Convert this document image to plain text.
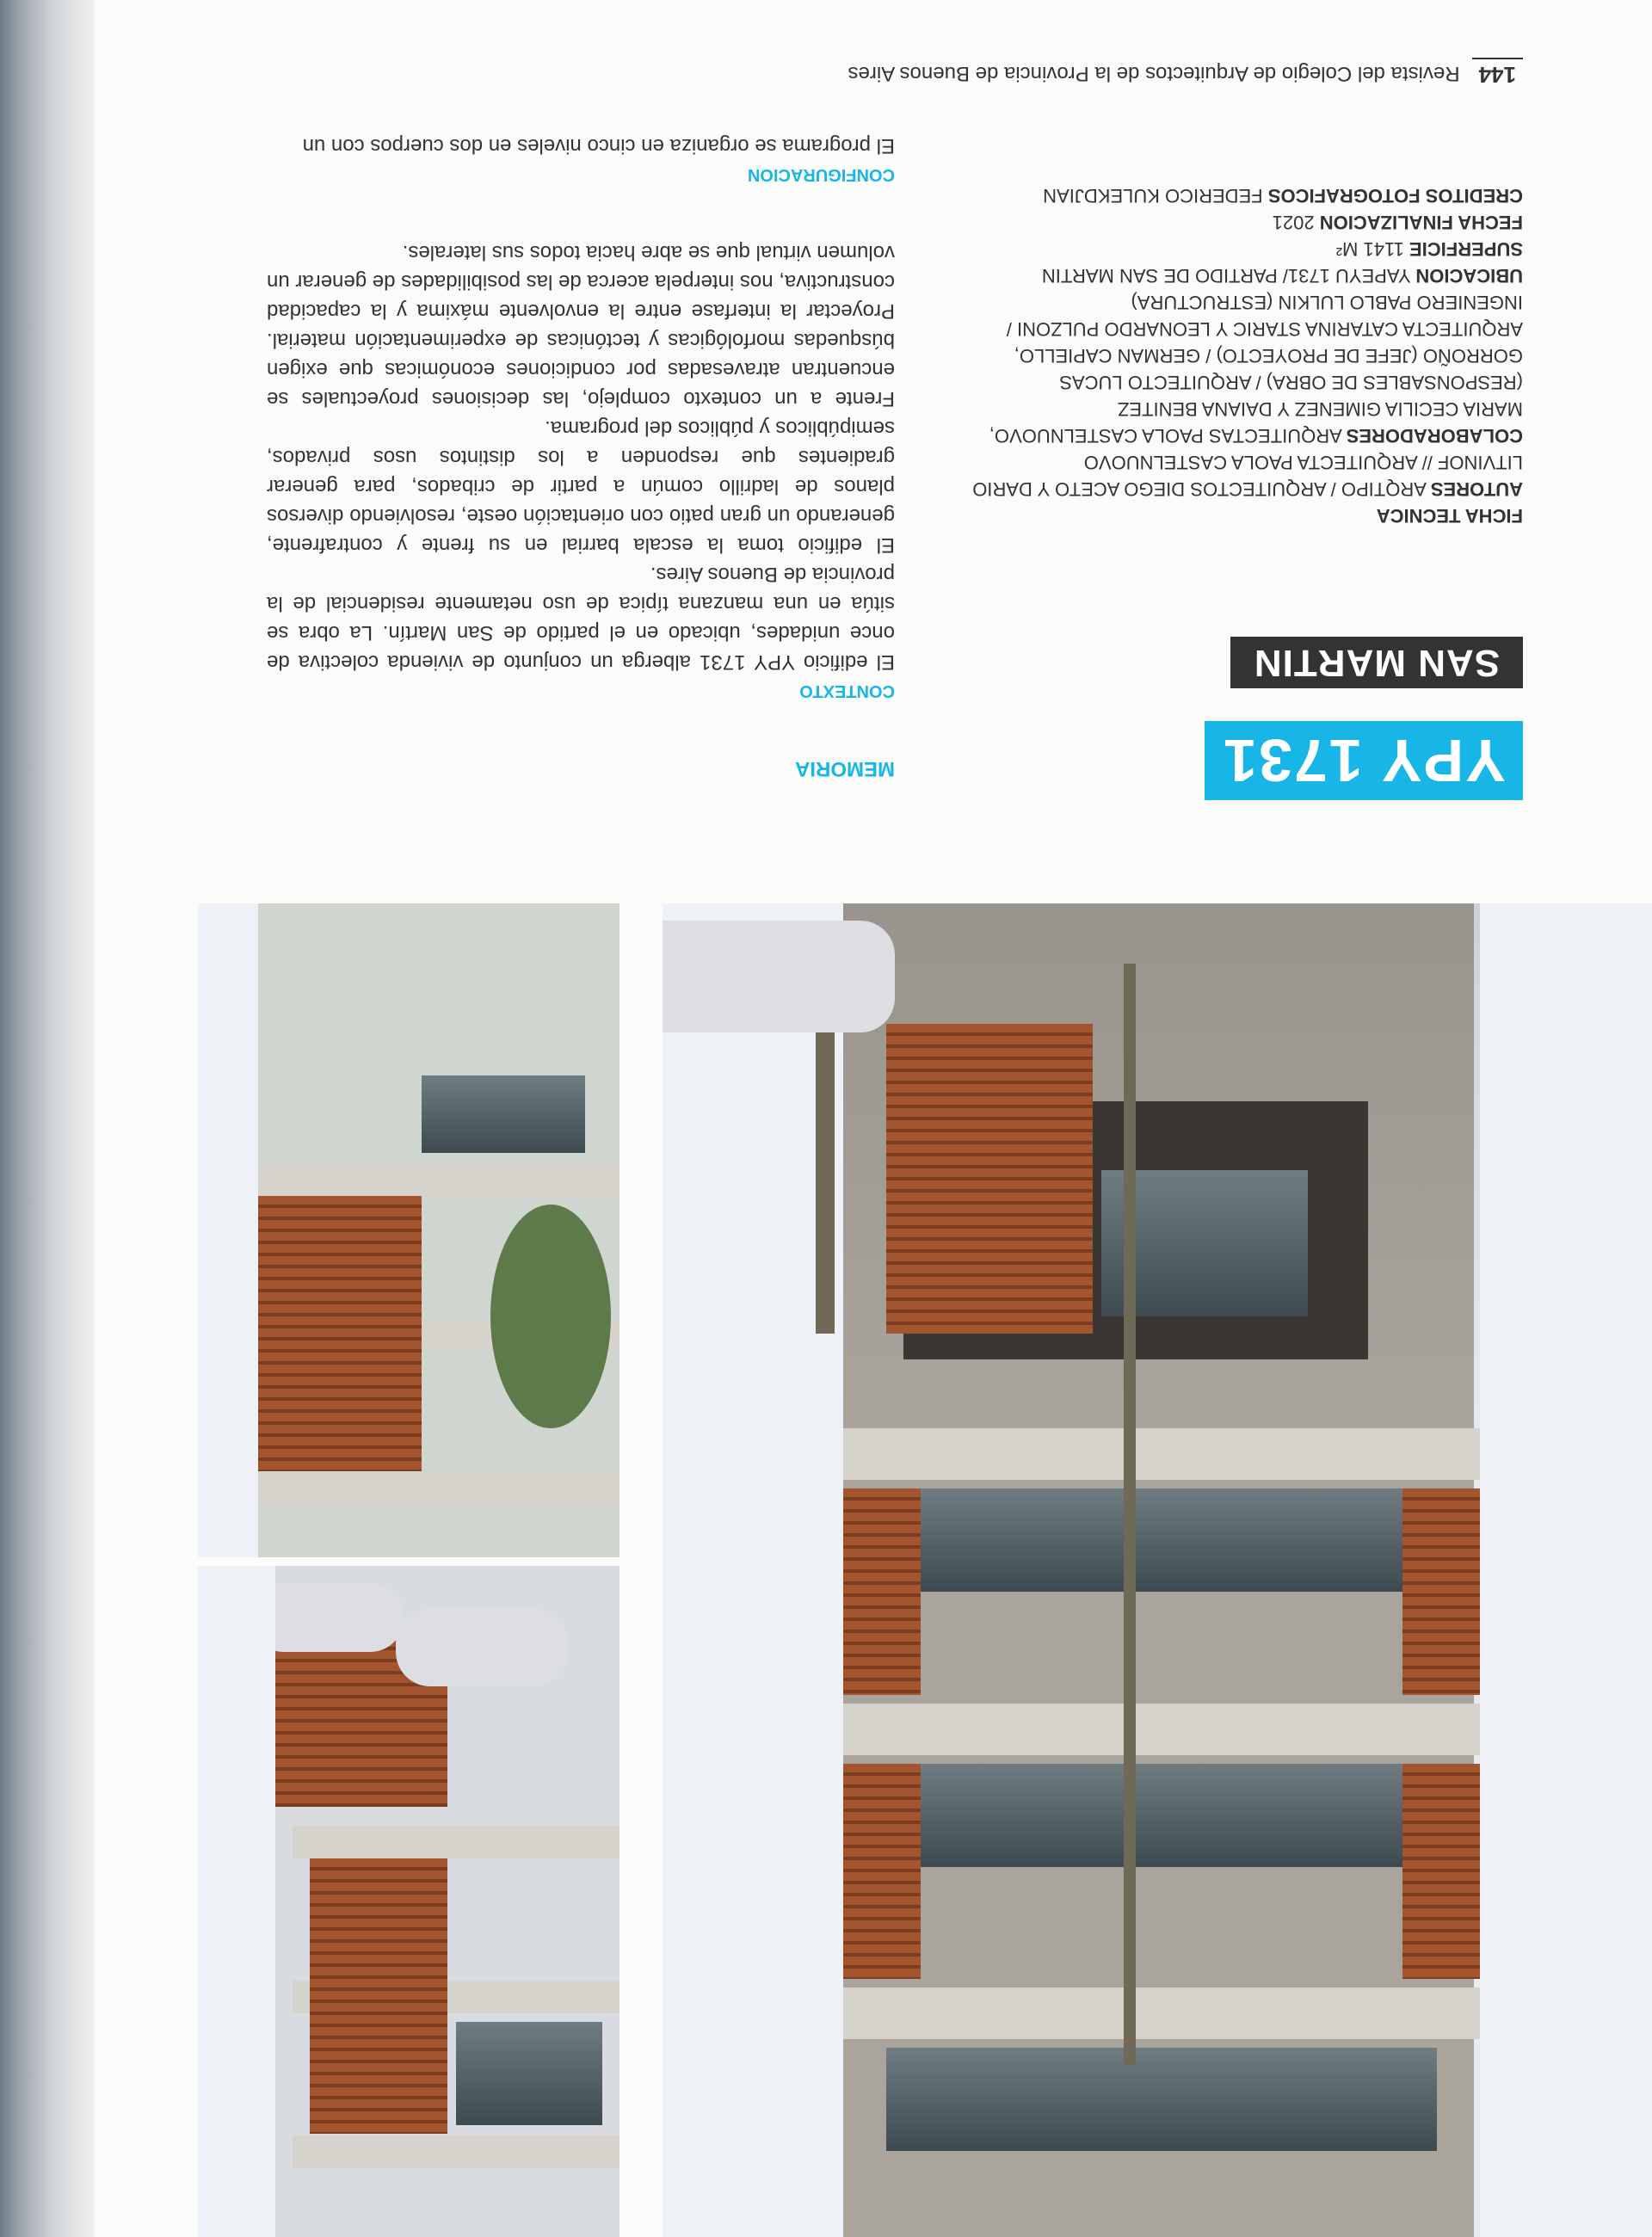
MEMORIA
CONTEXTO

El edificio YPY 1731 alberga un conjunto de vivienda colectiva de once unidades, ubicado en el partido de San Martín. La obra se sitúa en una manzana típica de uso netamente residencial de la provincia de Buenos Aires.

El edificio toma la escala barrial en su frente y contrafrente, generando un gran patio con orientación oeste, resolviendo diversos planos de ladrillo común a partir de cribados, para generar gradientes que responden a los distintos usos privados, semipúblicos y públicos del programa.

Frente a un contexto complejo, las decisiones proyectuales se encuentran atravesadas por condiciones económicas que exigen búsquedas morfológicas y tectónicas de experimentación material. Proyectar la interfase entre la envolvente máxima y la capacidad constructiva, nos interpela acerca de las posibilidades de generar un volumen virtual que se abre hacia todos sus laterales.

CONFIGURACION

El programa se organiza en cinco niveles en dos cuerpos con un

YPY 1731
SAN MARTIN
FICHA TECNICA

AUTORES ARQTIPO / ARQUITECTOS DIEGO ACETO Y DARIO LITVINOF // ARQUITECTA PAOLA CASTELNUOVO

COLABORADORES ARQUITECTAS PAOLA CASTELNUOVO, MARIA CECILIA GIMENEZ Y DAIANA BENITEZ (RESPONSABLES DE OBRA) / ARQUITECTO LUCAS GORROÑO (JEFE DE PROYECTO) / GERMAN CAPIELLO, ARQUITECTA CATARINA STARIC Y LEONARDO PULZONI / INGENIERO PABLO LULKIN (ESTRUCTURA)

UBICACION YAPEYU 1731/ PARTIDO DE SAN MARTIN

SUPERFICIE 1141 M²

FECHA FINALIZACION 2021

CREDITOS FOTOGRAFICOS FEDERICO KULEKDJIAN

144
Revista del Colegio de Arquitectos de la Provincia de Buenos Aires
